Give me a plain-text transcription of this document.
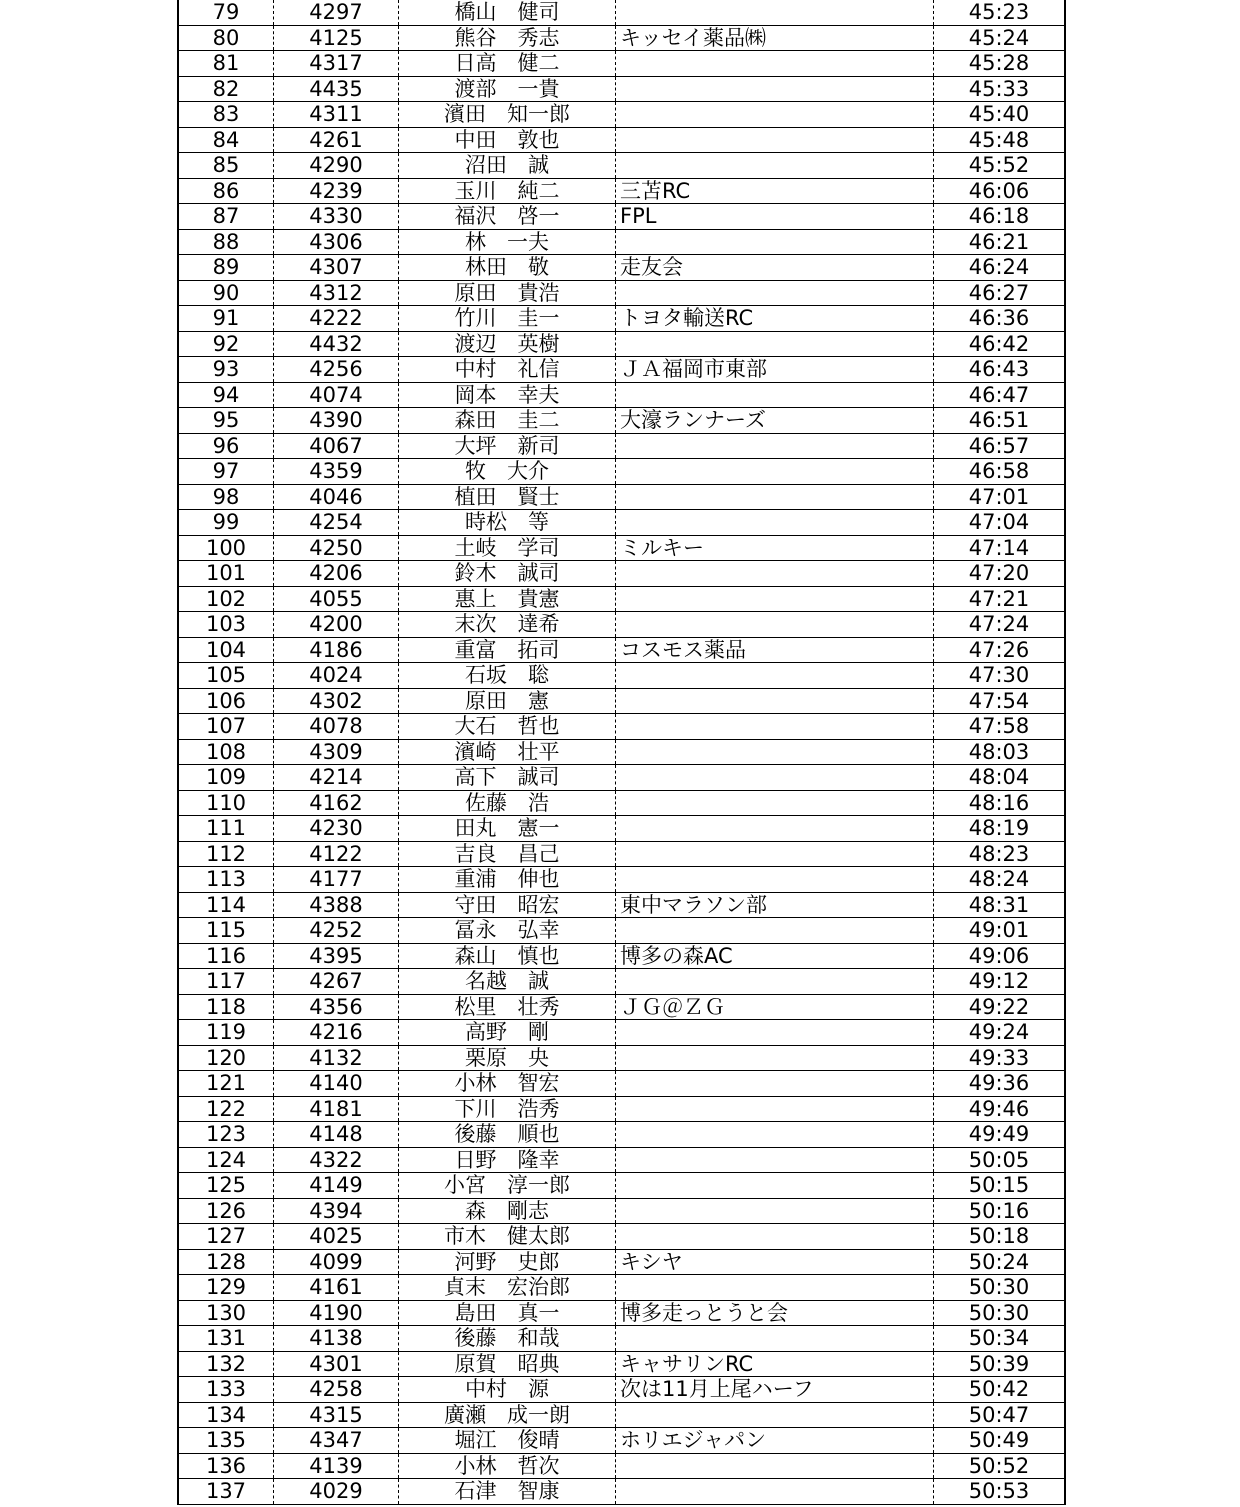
79	4297	橋山　健司		45:23
80	4125	熊谷　秀志	キッセイ薬品㈱	45:24
81	4317	日高　健二		45:28
82	4435	渡部　一貴		45:33
83	4311	濱田　知一郎		45:40
84	4261	中田　敦也		45:48
85	4290	沼田　誠		45:52
86	4239	玉川　純二	三苫RC	46:06
87	4330	福沢　啓一	FPL	46:18
88	4306	林　一夫		46:21
89	4307	林田　敬	走友会	46:24
90	4312	原田　貴浩		46:27
91	4222	竹川　圭一	トヨタ輸送RC	46:36
92	4432	渡辺　英樹		46:42
93	4256	中村　礼信	ＪＡ福岡市東部	46:43
94	4074	岡本　幸夫		46:47
95	4390	森田　圭二	大濠ランナーズ	46:51
96	4067	大坪　新司		46:57
97	4359	牧　大介		46:58
98	4046	植田　賢士		47:01
99	4254	時松　等		47:04
100	4250	土岐　学司	ミルキー	47:14
101	4206	鈴木　誠司		47:20
102	4055	惠上　貴憲		47:21
103	4200	末次　達希		47:24
104	4186	重富　拓司	コスモス薬品	47:26
105	4024	石坂　聡		47:30
106	4302	原田　憲		47:54
107	4078	大石　哲也		47:58
108	4309	濱崎　壮平		48:03
109	4214	高下　誠司		48:04
110	4162	佐藤　浩		48:16
111	4230	田丸　憲一		48:19
112	4122	吉良　昌己		48:23
113	4177	重浦　伸也		48:24
114	4388	守田　昭宏	東中マラソン部	48:31
115	4252	冨永　弘幸		49:01
116	4395	森山　慎也	博多の森AC	49:06
117	4267	名越　誠		49:12
118	4356	松里　壮秀	ＪＧ＠ＺＧ	49:22
119	4216	高野　剛		49:24
120	4132	栗原　央		49:33
121	4140	小林　智宏		49:36
122	4181	下川　浩秀		49:46
123	4148	後藤　順也		49:49
124	4322	日野　隆幸		50:05
125	4149	小宮　淳一郎		50:15
126	4394	森　剛志		50:16
127	4025	市木　健太郎		50:18
128	4099	河野　史郎	キシヤ	50:24
129	4161	貞末　宏治郎		50:30
130	4190	島田　真一	博多走っとうと会	50:30
131	4138	後藤　和哉		50:34
132	4301	原賀　昭典	キャサリンRC	50:39
133	4258	中村　源	次は11月上尾ハーフ	50:42
134	4315	廣瀬　成一朗		50:47
135	4347	堀江　俊晴	ホリエジャパン	50:49
136	4139	小林　哲次		50:52
137	4029	石津　智康		50:53
